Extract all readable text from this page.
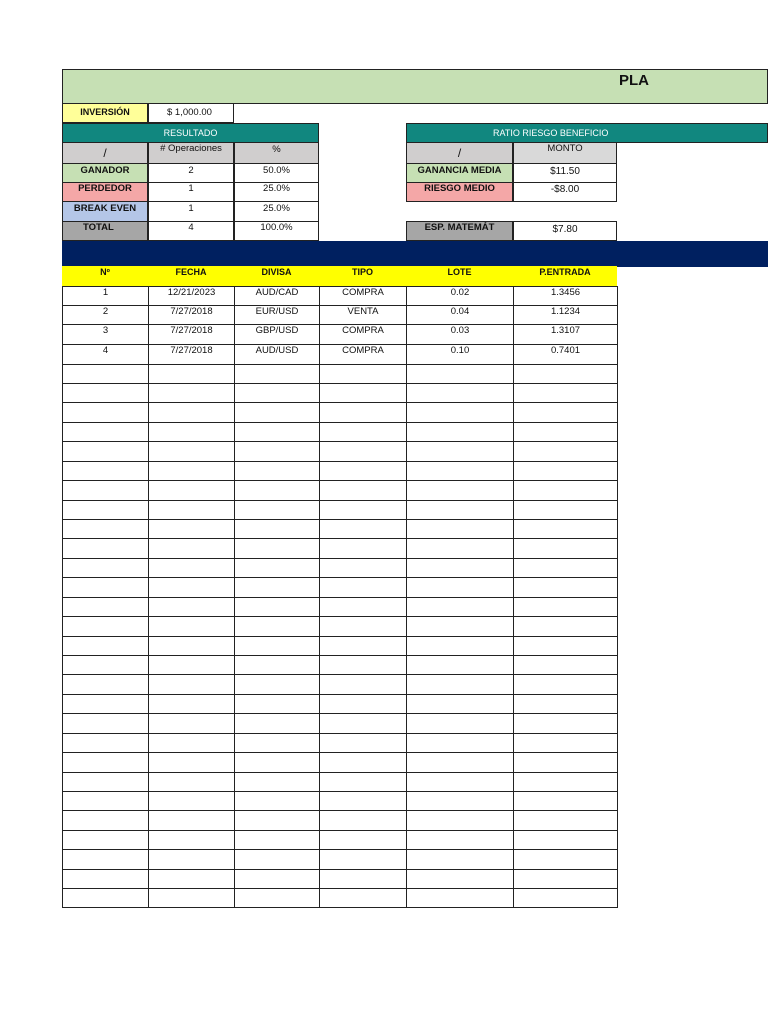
PLA
INVERSIÓN	$ 1,000.00
RESULTADO	RATIO RIESGO BENEFICIO
/	# Operaciones	%	/	MONTO
GANADOR	2	50.0%
PERDEDOR	1	25.0%
BREAK EVEN	1	25.0%
TOTAL	4	100.0%
GANANCIA MEDIA	$11.50
RIESGO MEDIO	-$8.00
ESP. MATEMÁT	$7.80
Nº	FECHA	DIVISA	TIPO	LOTE	P.ENTRADA
1	12/21/2023	AUD/CAD	COMPRA	0.02	1.3456
2	7/27/2018	EUR/USD	VENTA	0.04	1.1234
3	7/27/2018	GBP/USD	COMPRA	0.03	1.3107
4	7/27/2018	AUD/USD	COMPRA	0.10	0.7401
